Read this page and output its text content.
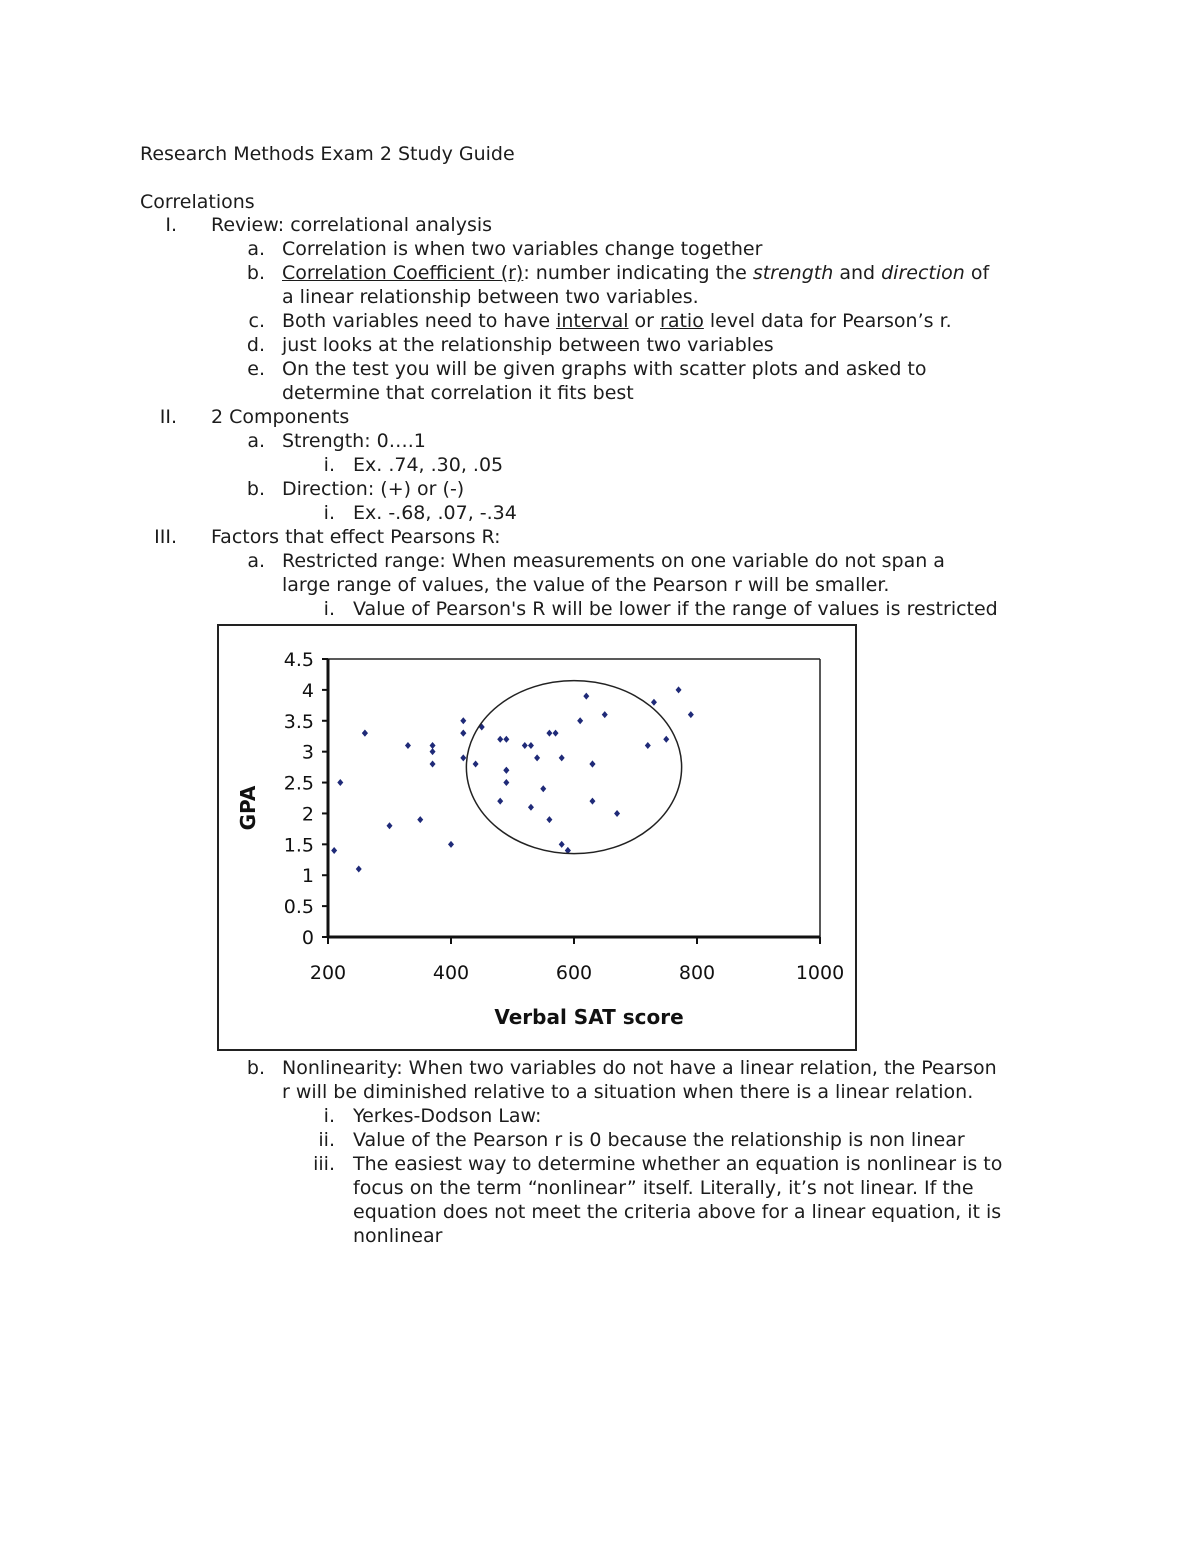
Research Methods Exam 2 Study Guide
Correlations
I. Review: correlational analysis
a. Correlation is when two variables change together
b. Correlation Coefficient (r): number indicating the strength and direction of
a linear relationship between two variables.
c. Both variables need to have interval or ratio level data for Pearson’s r.
d. just looks at the relationship between two variables
e. On the test you will be given graphs with scatter plots and asked to
determine that correlation it fits best
II. 2 Components
a. Strength: 0….1
i. Ex. .74, .30, .05
b. Direction: (+) or (-)
i. Ex. -.68, .07, -.34
III. Factors that effect Pearsons R:
a. Restricted range: When measurements on one variable do not span a
large range of values, the value of the Pearson r will be smaller.
i. Value of Pearson's R will be lower if the range of values is restricted
0
0.5
1
1.5
2
2.5
3
3.5
4
4.5
200	400	600	800	1000
Verbal SAT score
GPA
b. Nonlinearity: When two variables do not have a linear relation, the Pearson
r will be diminished relative to a situation when there is a linear relation.
i. Yerkes-Dodson Law:
ii. Value of the Pearson r is 0 because the relationship is non linear
iii. The easiest way to determine whether an equation is nonlinear is to
focus on the term “nonlinear” itself. Literally, it’s not linear. If the
equation does not meet the criteria above for a linear equation, it is
nonlinear
